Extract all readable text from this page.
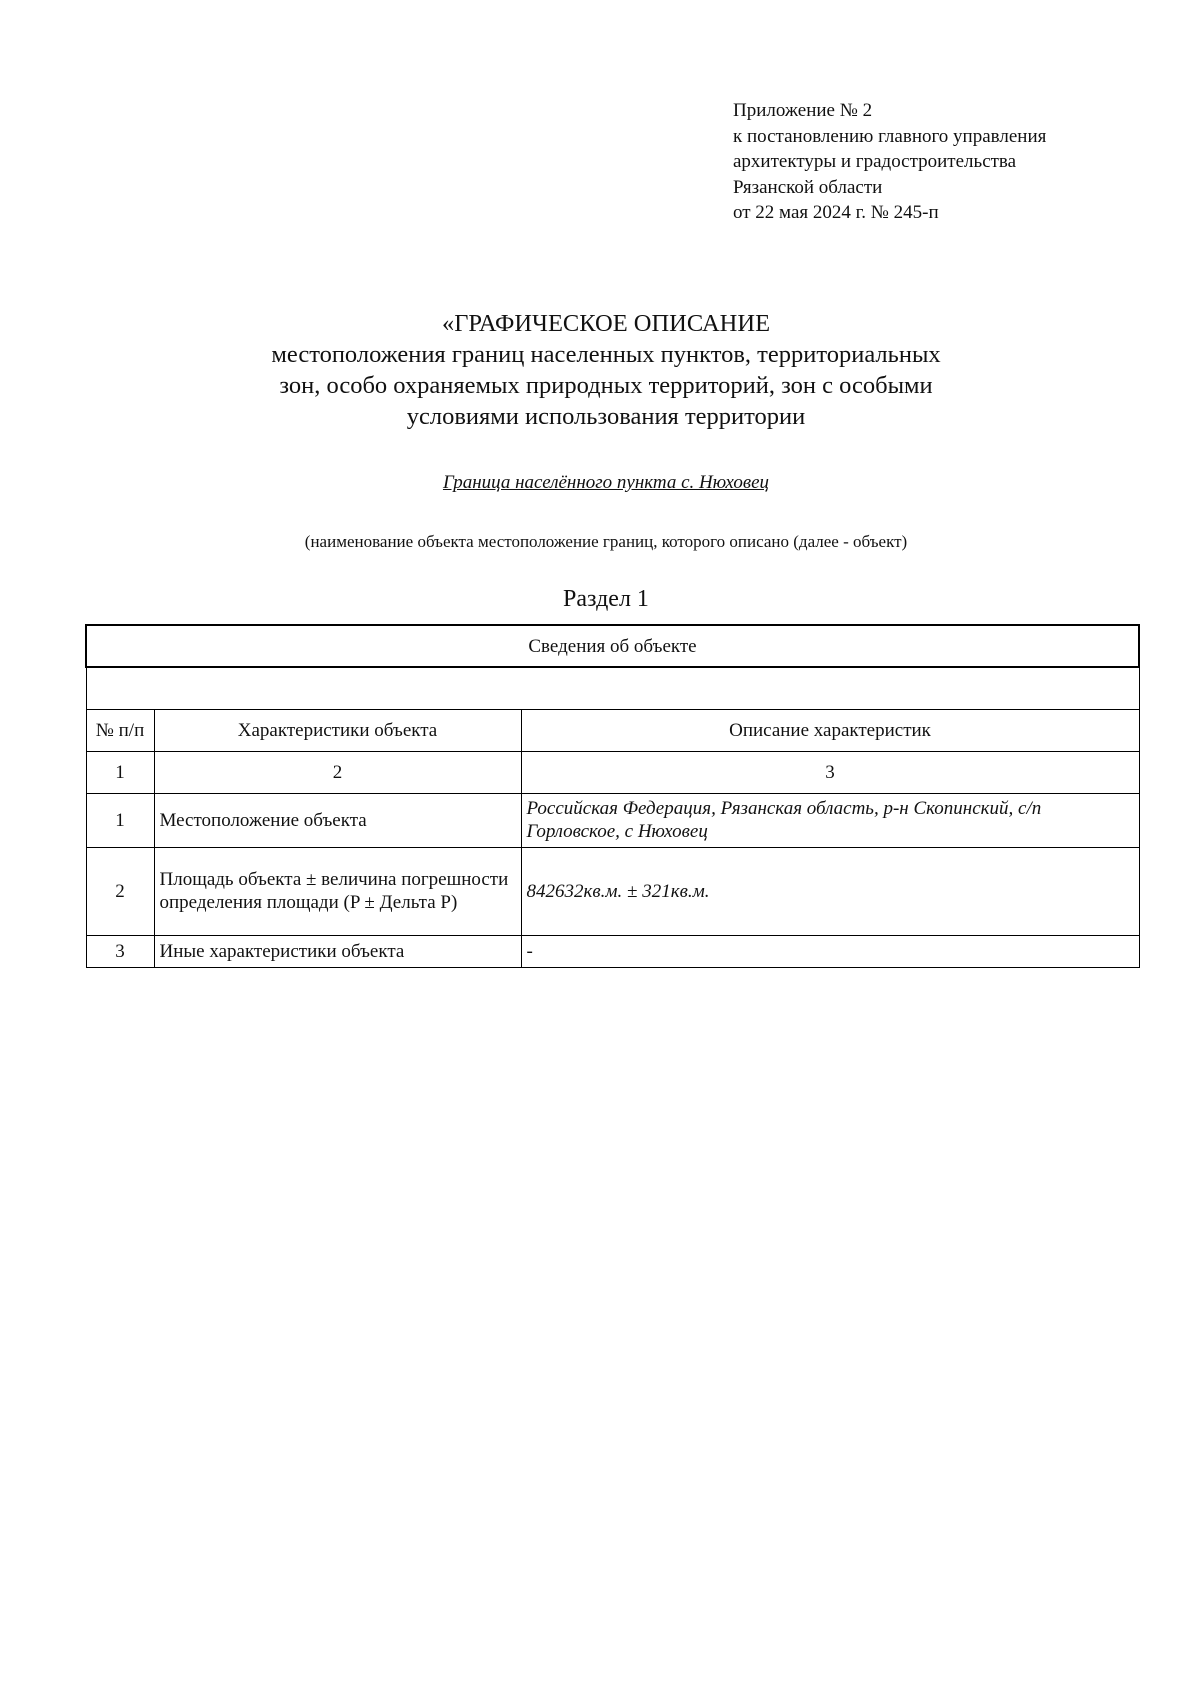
Приложение № 2
к постановлению главного управления
архитектуры и градостроительства
Рязанской области
от 22 мая 2024 г. № 245-п
«ГРАФИЧЕСКОЕ ОПИСАНИЕ
местоположения границ населенных пунктов, территориальных
зон, особо охраняемых природных территорий, зон с особыми
условиями использования территории
Граница населённого пункта с. Нюховец
(наименование объекта местоположение границ, которого описано (далее - объект)
Раздел 1
Сведения об объекте		

№ п/п	Характеристики объекта	Описание характеристик
1	2	3
1	Местоположение объекта	Российская Федерация, Рязанская область, р-н Скопинский, с/п Горловское, с Нюховец
2	Площадь объекта ± величина погрешности определения площади (P ± Дельта P)	842632кв.м. ± 321кв.м.
3	Иные характеристики объекта	-
